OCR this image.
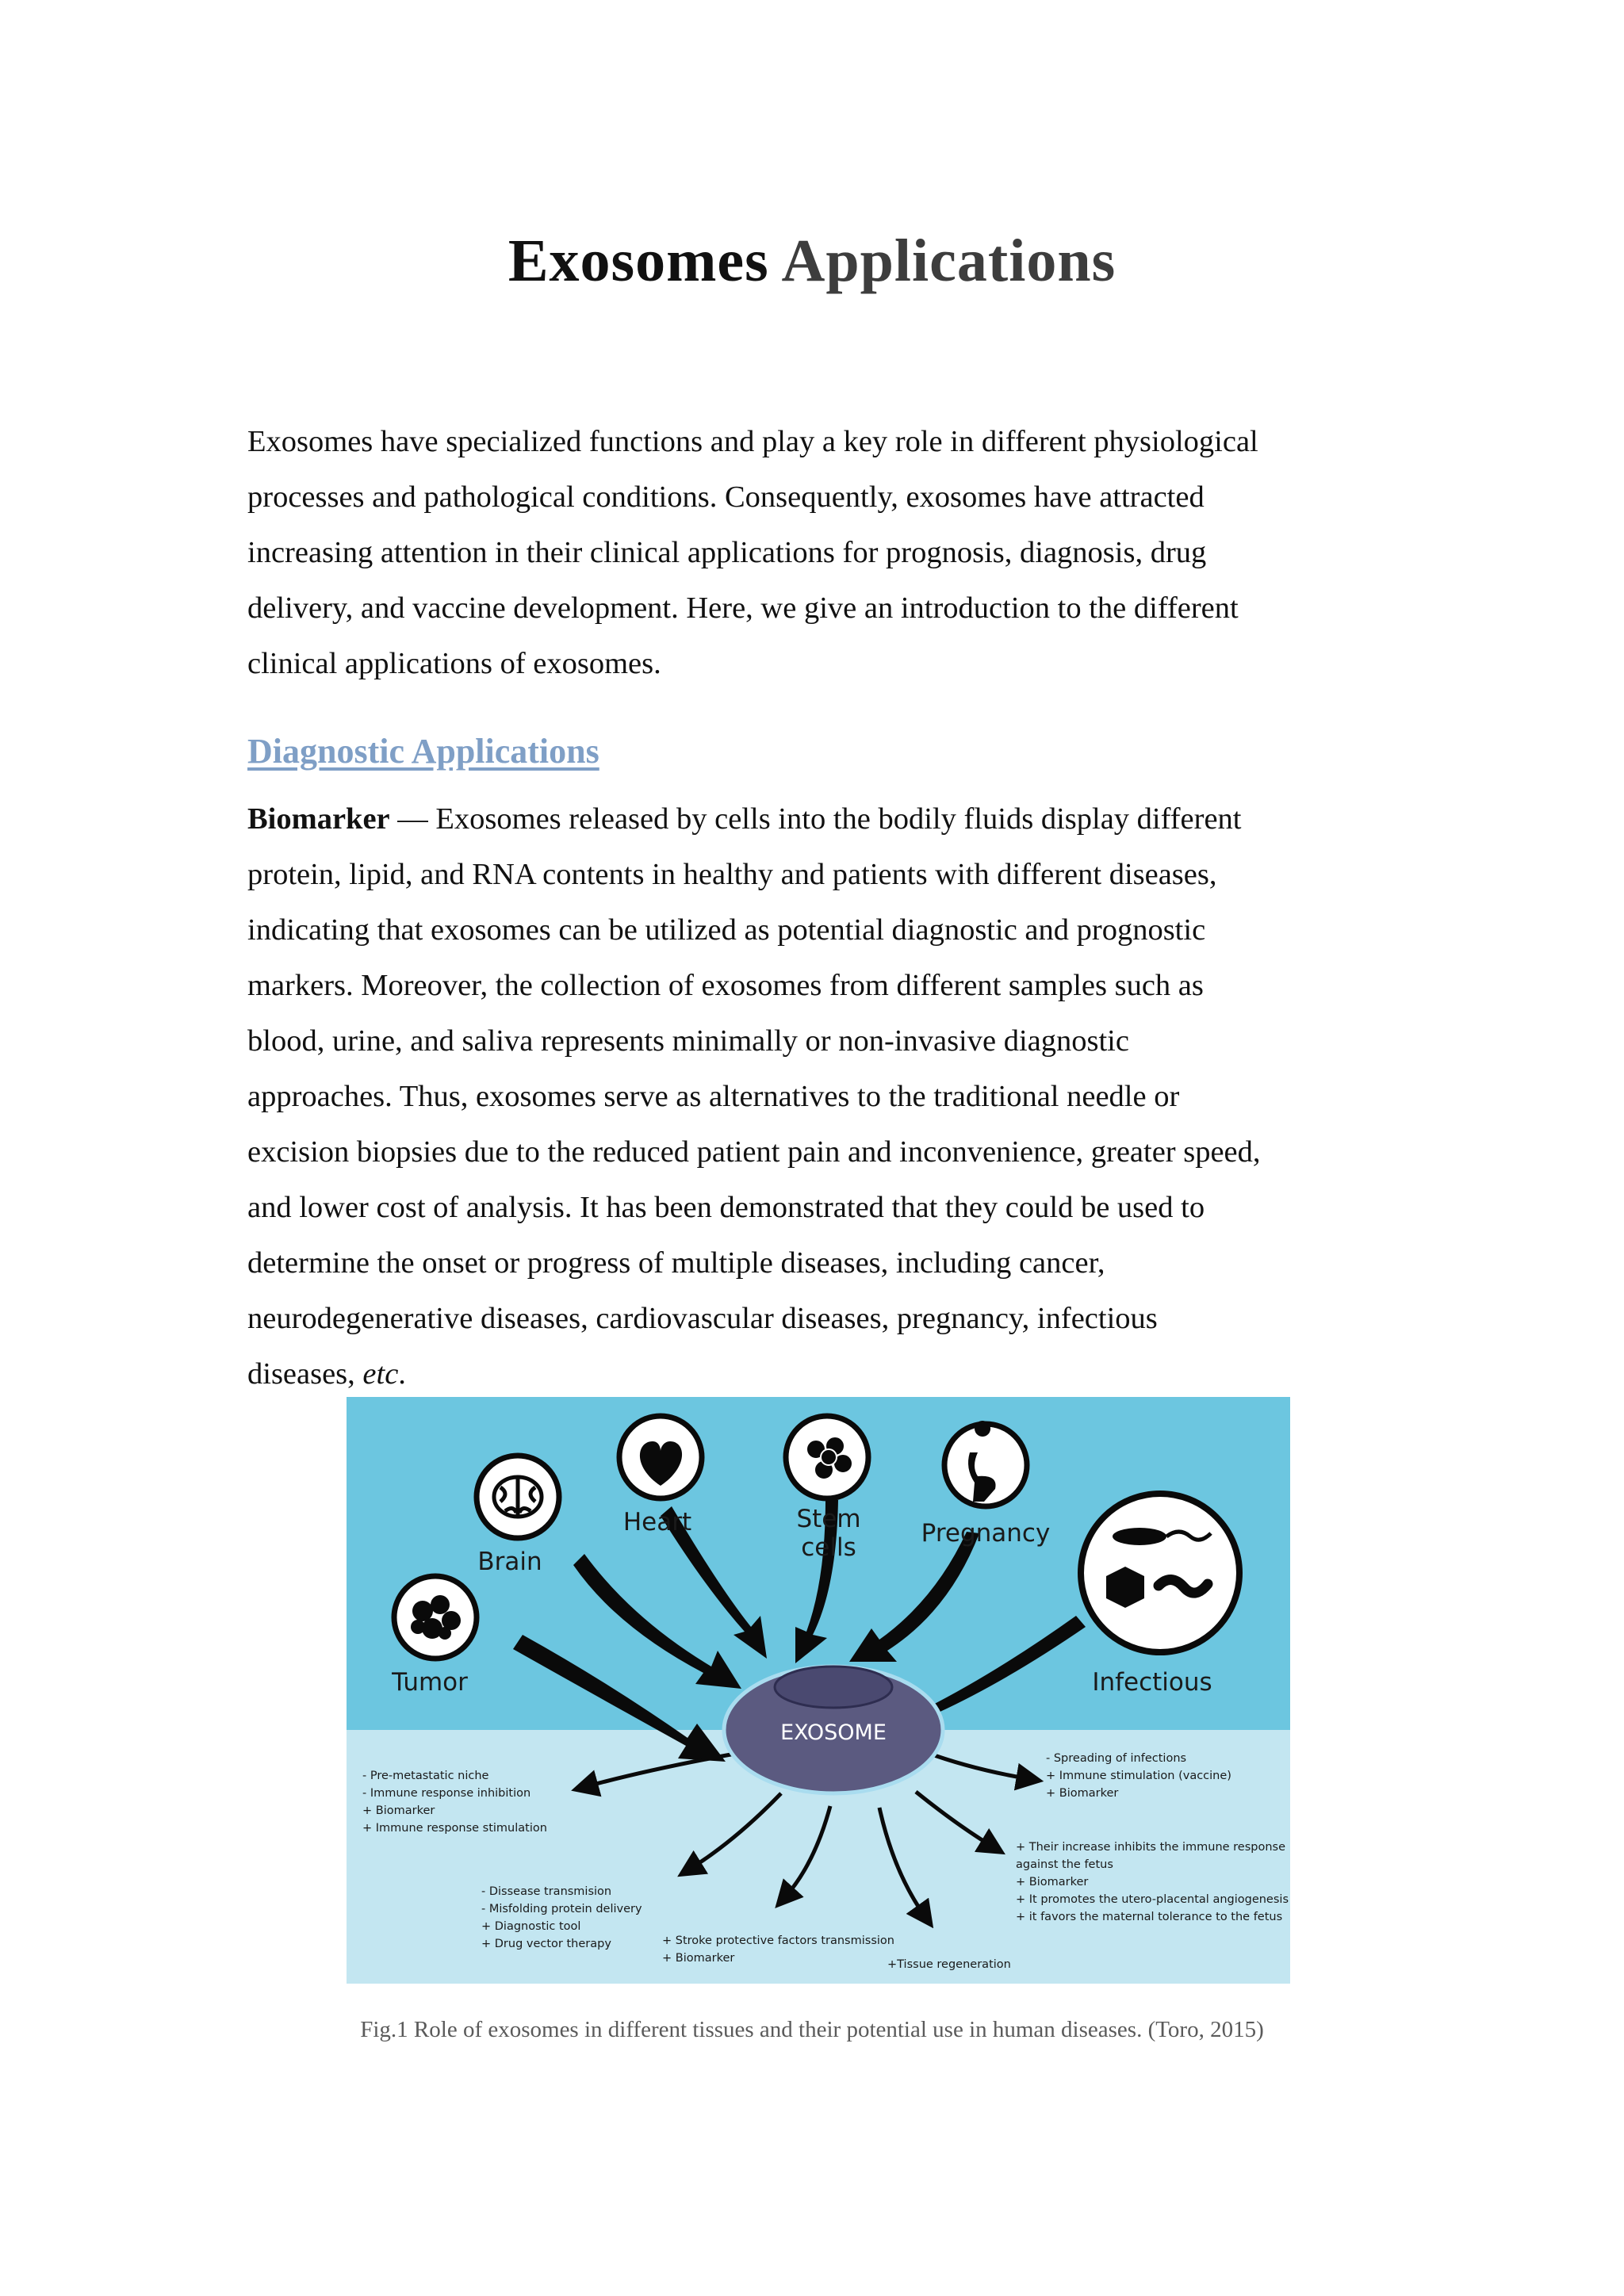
Exosomes Applications

Exosomes have specialized functions and play a key role in different physiological
processes and pathological conditions. Consequently, exosomes have attracted
increasing attention in their clinical applications for prognosis, diagnosis, drug
delivery, and vaccine development. Here, we give an introduction to the different
clinical applications of exosomes.

Diagnostic Applications

Biomarker — Exosomes released by cells into the bodily fluids display different
protein, lipid, and RNA contents in healthy and patients with different diseases,
indicating that exosomes can be utilized as potential diagnostic and prognostic
markers. Moreover, the collection of exosomes from different samples such as
blood, urine, and saliva represents minimally or non-invasive diagnostic
approaches. Thus, exosomes serve as alternatives to the traditional needle or
excision biopsies due to the reduced patient pain and inconvenience, greater speed,
and lower cost of analysis. It has been demonstrated that they could be used to
determine the onset or progress of multiple diseases, including cancer,
neurodegenerative diseases, cardiovascular diseases, pregnancy, infectious
diseases, etc.

EXOSOME
Tumor
Brain
Heart	Stem
cells	Pregnancy
Infectious
- Pre-metastatic niche
- Immune response inhibition
+ Biomarker
+ Immune response stimulation
- Dissease transmision
- Misfolding protein delivery
+ Diagnostic tool
+ Drug vector therapy	+ Stroke protective factors transmission
+ Biomarker	+Tissue regeneration
+ Their increase inhibits the immune response
against the fetus
+ Biomarker
+ It promotes the utero-placental angiogenesis
+ it favors the maternal tolerance to the fetus
- Spreading of infections
+ Immune stimulation (vaccine)
+ Biomarker

Fig.1 Role of exosomes in different tissues and their potential use in human diseases. (Toro, 2015)
